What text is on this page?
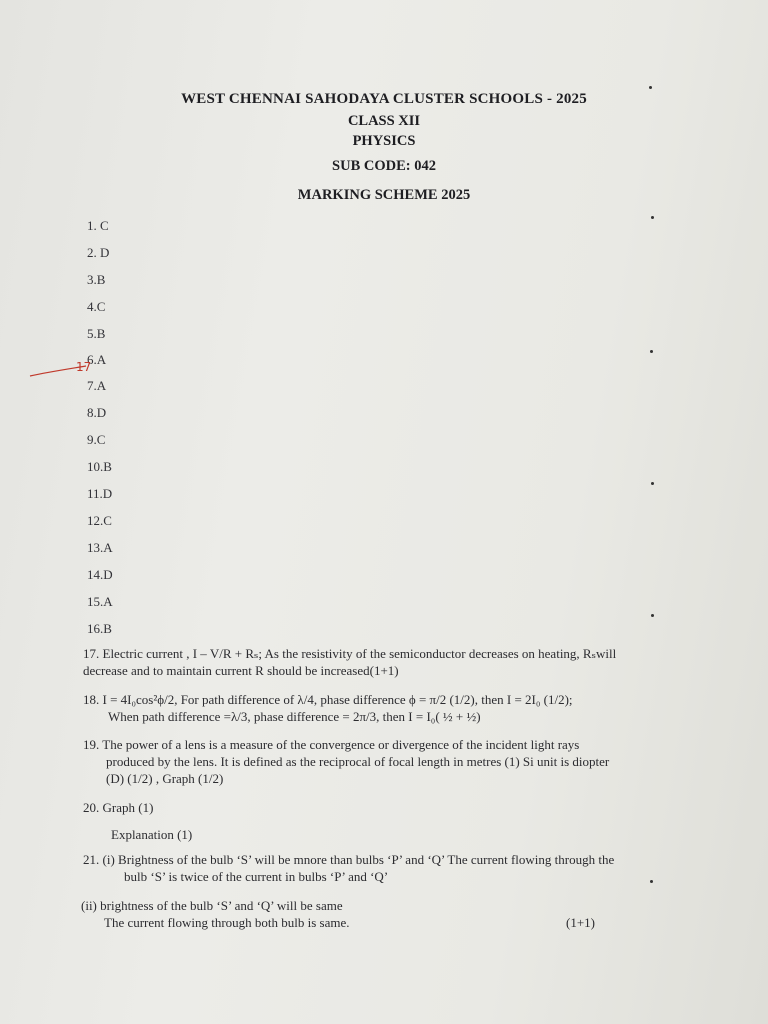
WEST CHENNAI SAHODAYA CLUSTER SCHOOLS - 2025
CLASS XII
PHYSICS
SUB CODE: 042
MARKING SCHEME 2025
1. C
2. D
3.B
4.C
5.B
6.A
7.A
8.D
9.C
10.B
11.D
12.C
13.A
14.D
15.A
16.B
17
17. Electric current , I – V/R + Rₛ; As the resistivity of the semiconductor decreases on heating, Rₛwill
decrease and to maintain current R should be increased(1+1)
18. I = 4I₀cos²ϕ/2, For path difference of λ/4, phase difference ϕ = π/2 (1/2), then I = 2I₀ (1/2);
When path difference =λ/3, phase difference = 2π/3, then I = I₀( ½ + ½)
19. The power of a lens is a measure of the convergence or divergence of the incident light rays
produced by the lens. It is defined as the reciprocal of focal length in metres (1) Si unit is diopter
(D) (1/2) , Graph (1/2)
20. Graph (1)
Explanation (1)
21. (i) Brightness of the bulb ‘S’ will be mnore than bulbs ‘P’ and ‘Q’ The current flowing through the
bulb ‘S’ is twice of the current in bulbs ‘P’ and ‘Q’
(ii) brightness of the bulb ‘S’ and ‘Q’ will be same
The current flowing through both bulb is same.	(1+1)
